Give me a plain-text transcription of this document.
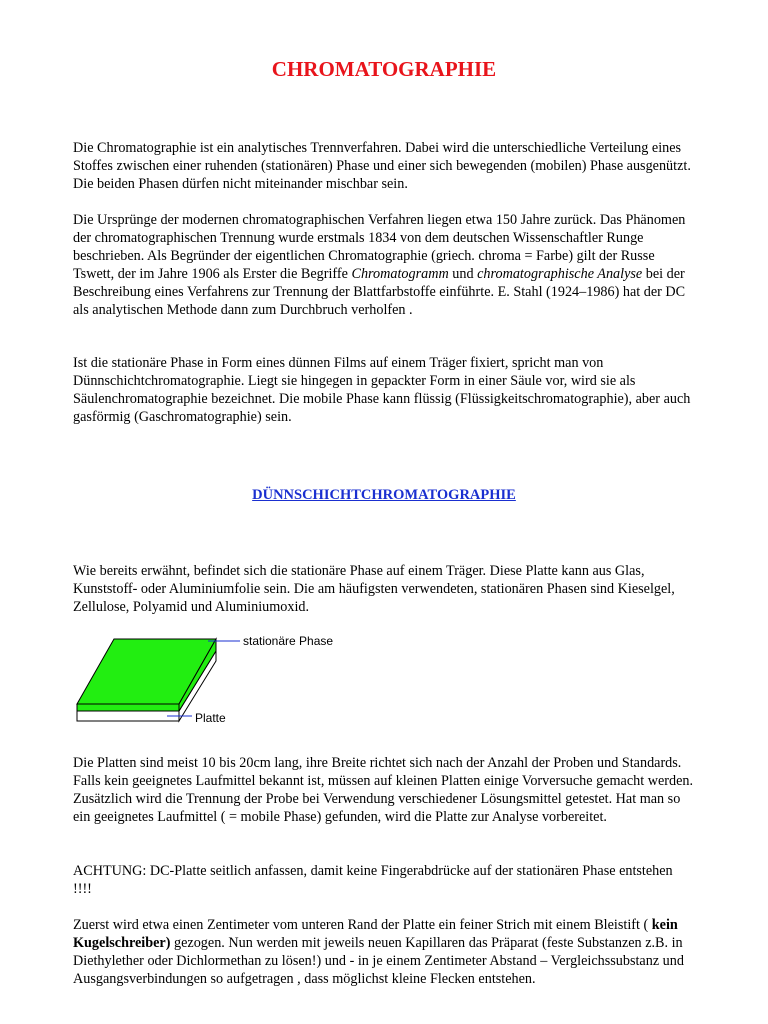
CHROMATOGRAPHIE

Die Chromatographie ist ein analytisches Trennverfahren. Dabei wird die unterschiedliche Verteilung eines Stoffes zwischen einer ruhenden (stationären) Phase und einer sich bewegenden (mobilen) Phase ausgenützt. Die beiden Phasen dürfen nicht miteinander mischbar sein.

Die Ursprünge der modernen chromatographischen Verfahren liegen etwa 150 Jahre zurück. Das Phänomen der chromatographischen Trennung wurde erstmals 1834 von dem deutschen Wissenschaftler Runge beschrieben. Als Begründer der eigentlichen Chromatographie (griech. chroma = Farbe) gilt der Russe Tswett, der im Jahre 1906 als Erster die Begriffe Chromatogramm und chromatographische Analyse bei der Beschreibung eines Verfahrens zur Trennung der Blattfarbstoffe einführte. E. Stahl (1924–1986) hat der DC als analytischen Methode dann zum Durchbruch verholfen .

Ist die stationäre Phase in Form eines dünnen Films auf einem Träger fixiert, spricht man von Dünnschichtchromatographie. Liegt sie hingegen in gepackter Form in einer Säule vor, wird sie als Säulenchromatographie bezeichnet. Die mobile Phase kann flüssig (Flüssigkeitschromatographie), aber auch gasförmig (Gaschromatographie) sein.

DÜNNSCHICHTCHROMATOGRAPHIE

Wie bereits erwähnt, befindet sich die stationäre Phase auf einem Träger. Diese Platte kann aus Glas, Kunststoff- oder Aluminiumfolie sein. Die am häufigsten verwendeten, stationären Phasen sind Kieselgel, Zellulose, Polyamid und Aluminiumoxid.

stationäre Phase
Platte

Die Platten sind meist 10 bis 20cm lang, ihre Breite richtet sich nach der Anzahl der Proben und Standards. Falls kein geeignetes Laufmittel bekannt ist, müssen auf kleinen Platten einige Vorversuche gemacht werden. Zusätzlich wird die Trennung der Probe bei Verwendung verschiedener Lösungsmittel getestet. Hat man so ein geeignetes Laufmittel ( = mobile Phase) gefunden, wird die Platte zur Analyse vorbereitet.

ACHTUNG: DC-Platte seitlich anfassen, damit keine Fingerabdrücke auf der stationären Phase entstehen !!!!

Zuerst wird etwa einen Zentimeter vom unteren Rand der Platte ein feiner Strich mit einem Bleistift ( kein Kugelschreiber) gezogen. Nun werden mit jeweils neuen Kapillaren das Präparat (feste Substanzen z.B. in Diethylether oder Dichlormethan zu lösen!) und - in je einem Zentimeter Abstand – Vergleichssubstanz und Ausgangsverbindungen so aufgetragen , dass möglichst kleine Flecken entstehen.
